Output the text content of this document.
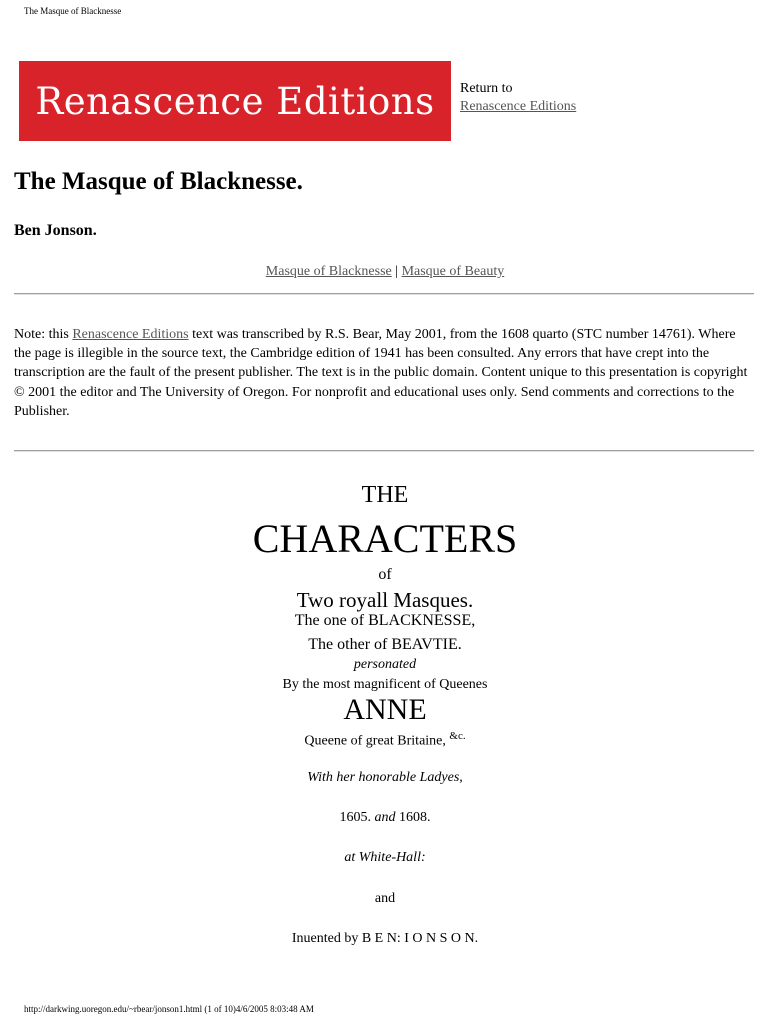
The Masque of Blacknesse
Renascence Editions Return to
Renascence Editions
The Masque of Blacknesse.
Ben Jonson.
Masque of Blacknesse | Masque of Beauty
Note: this Renascence Editions text was transcribed by R.S. Bear, May 2001, from the 1608 quarto (STC number 14761). Where the page is illegible in the source text, the Cambridge edition of 1941 has been consulted. Any errors that have crept into the transcription are the fault of the present publisher. The text is in the public domain. Content unique to this presentation is copyright © 2001 the editor and The University of Oregon. For nonprofit and educational uses only. Send comments and corrections to the Publisher.
THE
CHARACTERS
of
Two royall Masques.
The one of BLACKNESSE,
The other of BEAVTIE.
personated
By the most magnificent of Queenes
ANNE
Queene of great Britaine, $^{\&c.}$
With her honorable Ladyes,
1605. and 1608.
at White-Hall:
and
Inuented by B E N: I O N S O N.
http://darkwing.uoregon.edu/~rbear/jonson1.html (1 of 10)4/6/2005 8:03:48 AM
